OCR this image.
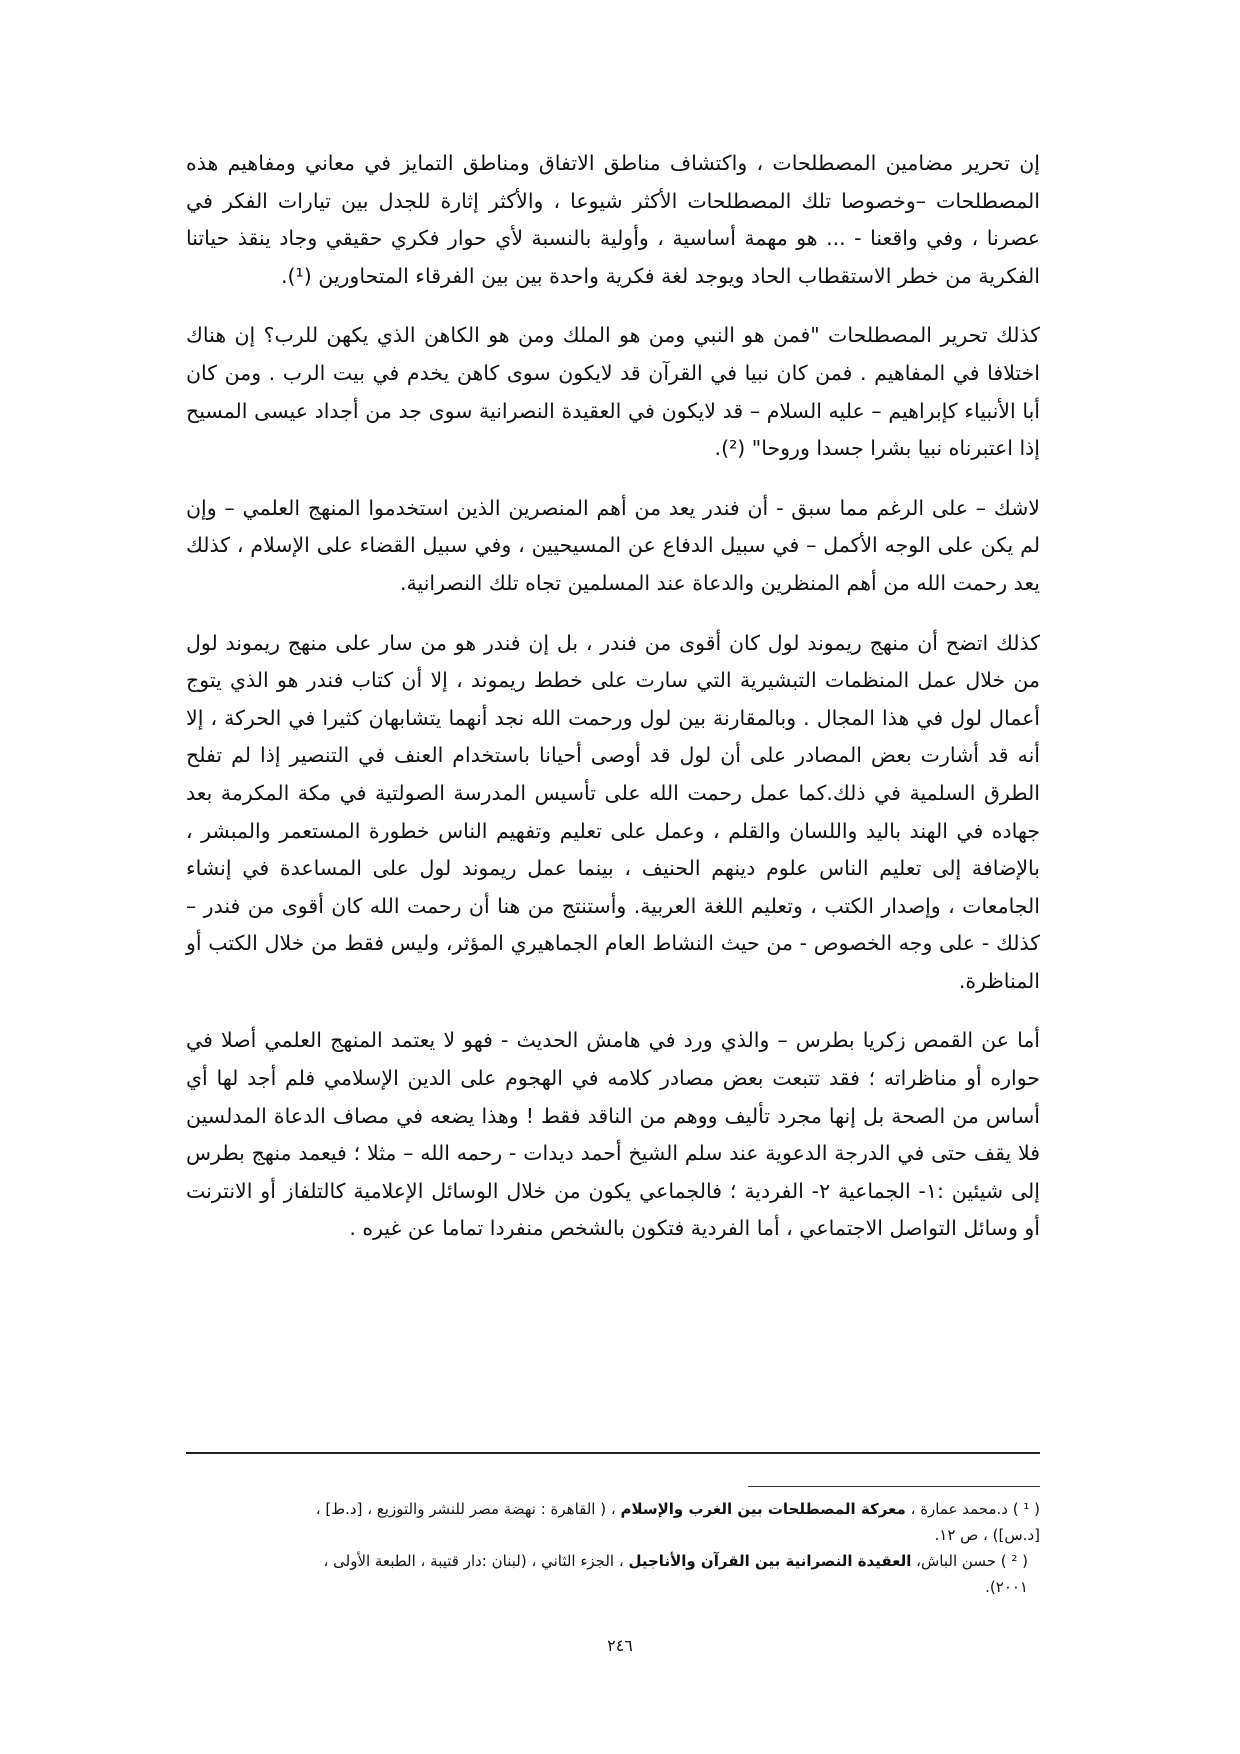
إن تحرير مضامين المصطلحات ، واكتشاف مناطق الاتفاق ومناطق التمايز في معاني ومفاهيم هذه المصطلحات –وخصوصا تلك المصطلحات الأكثر شيوعا ، والأكثر إثارة للجدل بين تيارات الفكر في عصرنا ، وفي واقعنا - ... هو مهمة أساسية ، وأولية بالنسبة لأي حوار فكري حقيقي وجاد ينقذ حياتنا الفكرية من خطر الاستقطاب الحاد ويوجد لغة فكرية واحدة بين بين الفرقاء المتحاورين (¹).

كذلك تحرير المصطلحات "فمن هو النبي ومن هو الملك ومن هو الكاهن الذي يكهن للرب؟ إن هناك اختلافا في المفاهيم . فمن كان نبيا في القرآن قد لايكون سوى كاهن يخدم في بيت الرب . ومن كان أبا الأنبياء كإبراهيم – عليه السلام – قد لايكون في العقيدة النصرانية سوى جد من أجداد عيسى المسيح إذا اعتبرناه نبيا بشرا جسدا وروحا" (²).

لاشك – على الرغم مما سبق - أن فندر يعد من أهم المنصرين الذين استخدموا المنهج العلمي – وإن لم يكن على الوجه الأكمل – في سبيل الدفاع عن المسيحيين ، وفي سبيل القضاء على الإسلام ، كذلك يعد رحمت الله من أهم المنظرين والدعاة عند المسلمين تجاه تلك النصرانية.

كذلك اتضح أن منهج ريموند لول كان أقوى من فندر ، بل إن فندر هو من سار على منهج ريموند لول من خلال عمل المنظمات التبشيرية التي سارت على خطط ريموند ، إلا أن كتاب فندر هو الذي يتوج أعمال لول في هذا المجال . وبالمقارنة بين لول ورحمت الله نجد أنهما يتشابهان كثيرا في الحركة ، إلا أنه قد أشارت بعض المصادر على أن لول قد أوصى أحيانا باستخدام العنف في التنصير إذا لم تفلح الطرق السلمية في ذلك.كما عمل رحمت الله على تأسيس المدرسة الصولتية في مكة المكرمة بعد جهاده في الهند باليد واللسان والقلم ، وعمل على تعليم وتفهيم الناس خطورة المستعمر والمبشر ، بالإضافة إلى تعليم الناس علوم دينهم الحنيف ، بينما عمل ريموند لول على المساعدة في إنشاء الجامعات ، وإصدار الكتب ، وتعليم اللغة العربية. وأستنتج من هنا أن رحمت الله كان أقوى من فندر – كذلك - على وجه الخصوص - من حيث النشاط العام الجماهيري المؤثر، وليس فقط من خلال الكتب أو المناظرة.

أما عن القمص زكريا بطرس – والذي ورد في هامش الحديث - فهو لا يعتمد المنهج العلمي أصلا في حواره أو مناظراته ؛ فقد تتبعت بعض مصادر كلامه في الهجوم على الدين الإسلامي فلم أجد لها أي أساس من الصحة بل إنها مجرد تأليف ووهم من الناقد فقط ! وهذا يضعه في مصاف الدعاة المدلسين فلا يقف حتى في الدرجة الدعوية عند سلم الشيخ أحمد ديدات - رحمه الله – مثلا ؛ فيعمد منهج بطرس إلى شيئين :١- الجماعية ٢- الفردية ؛ فالجماعي يكون من خلال الوسائل الإعلامية كالتلفاز أو الانترنت أو وسائل التواصل الاجتماعي ، أما الفردية فتكون بالشخص منفردا تماما عن غيره .

( ¹ ) د.محمد عمارة ، معركة المصطلحات بين الغرب والإسلام ، ( القاهرة : نهضة مصر للنشر والتوزيع ، [د.ط] ،
[د.س]) ، ص ١٢.
( ² ) حسن الباش، العقيدة النصرانية بين القرآن والأناجيل ، الجزء الثاني ، (لبنان :دار قتيبة ، الطبعة الأولى ،
٢٠٠١).
٢٤٦
